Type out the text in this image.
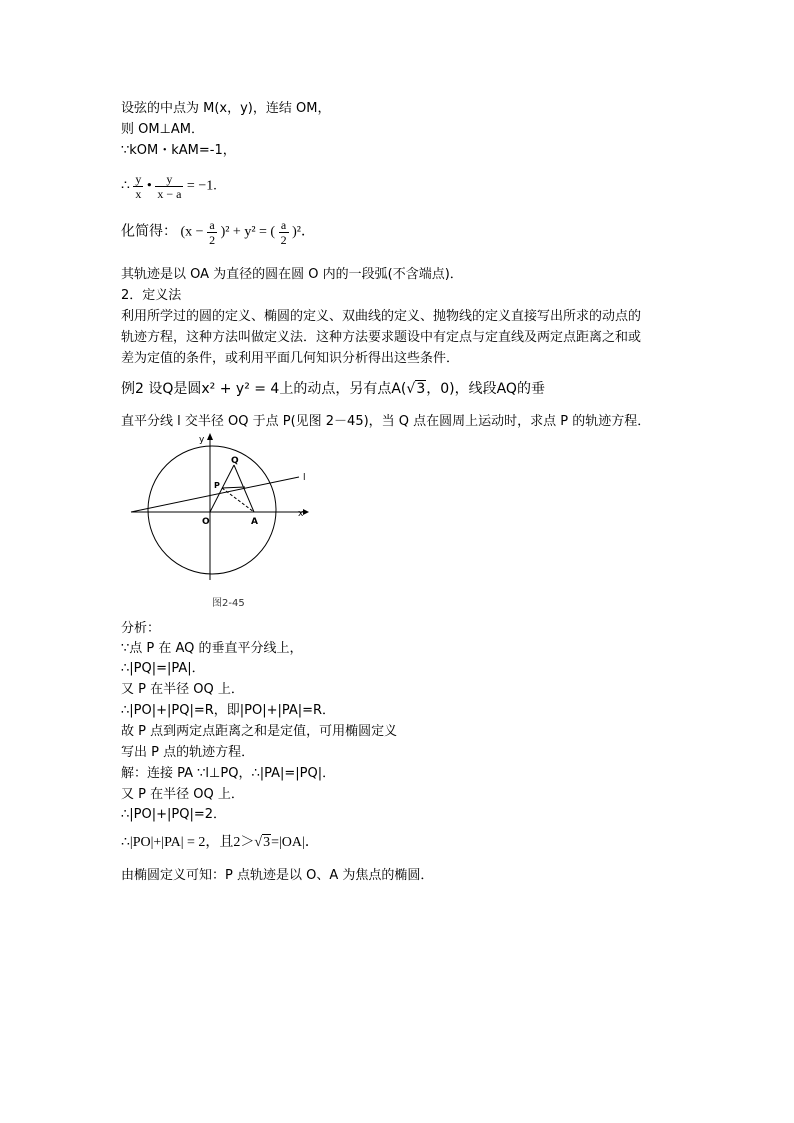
设弦的中点为 M(x，y)，连结 OM，
则 OM⊥AM．
∵kOM・kAM=-1，
∴ $\frac{y}{x}$ • $\frac{y}{x - a} = -1$.
化简得： $(x - \frac{a}{2} )^2 + y^2$ = ( $\frac{a}{2} )^2$．
其轨迹是以 OA 为直径的圆在圆 O 内的一段弧(不含端点)．
2．定义法
利用所学过的圆的定义、椭圆的定义、双曲线的定义、抛物线的定义直接写出所求的动点的
轨迹方程，这种方法叫做定义法．这种方法要求题设中有定点与定直线及两定点距离之和或
差为定值的条件，或利用平面几何知识分析得出这些条件．
例2 设Q是圆x² + y² = 4上的动点，另有点A(√3，0)，线段AQ的垂
直平分线 l 交半径 OQ 于点 P(见图 2－45)，当 Q 点在圆周上运动时，求点 P 的轨迹方程．
y
x
Q
P
O	A
l
图2-45
分析：
∵点 P 在 AQ 的垂直平分线上，
∴|PQ|=|PA|．
又 P 在半径 OQ 上．
∴|PO|+|PQ|=R，即|PO|+|PA|=R．
故 P 点到两定点距离之和是定值，可用椭圆定义
写出 P 点的轨迹方程．
解：连接 PA ∵l⊥PQ，∴|PA|=|PQ|．
又 P 在半径 OQ 上．
∴|PO|+|PQ|=2．
∴|PO|+|PA| = 2，且2＞√3=|OA|．
由椭圆定义可知：P 点轨迹是以 O、A 为焦点的椭圆．
